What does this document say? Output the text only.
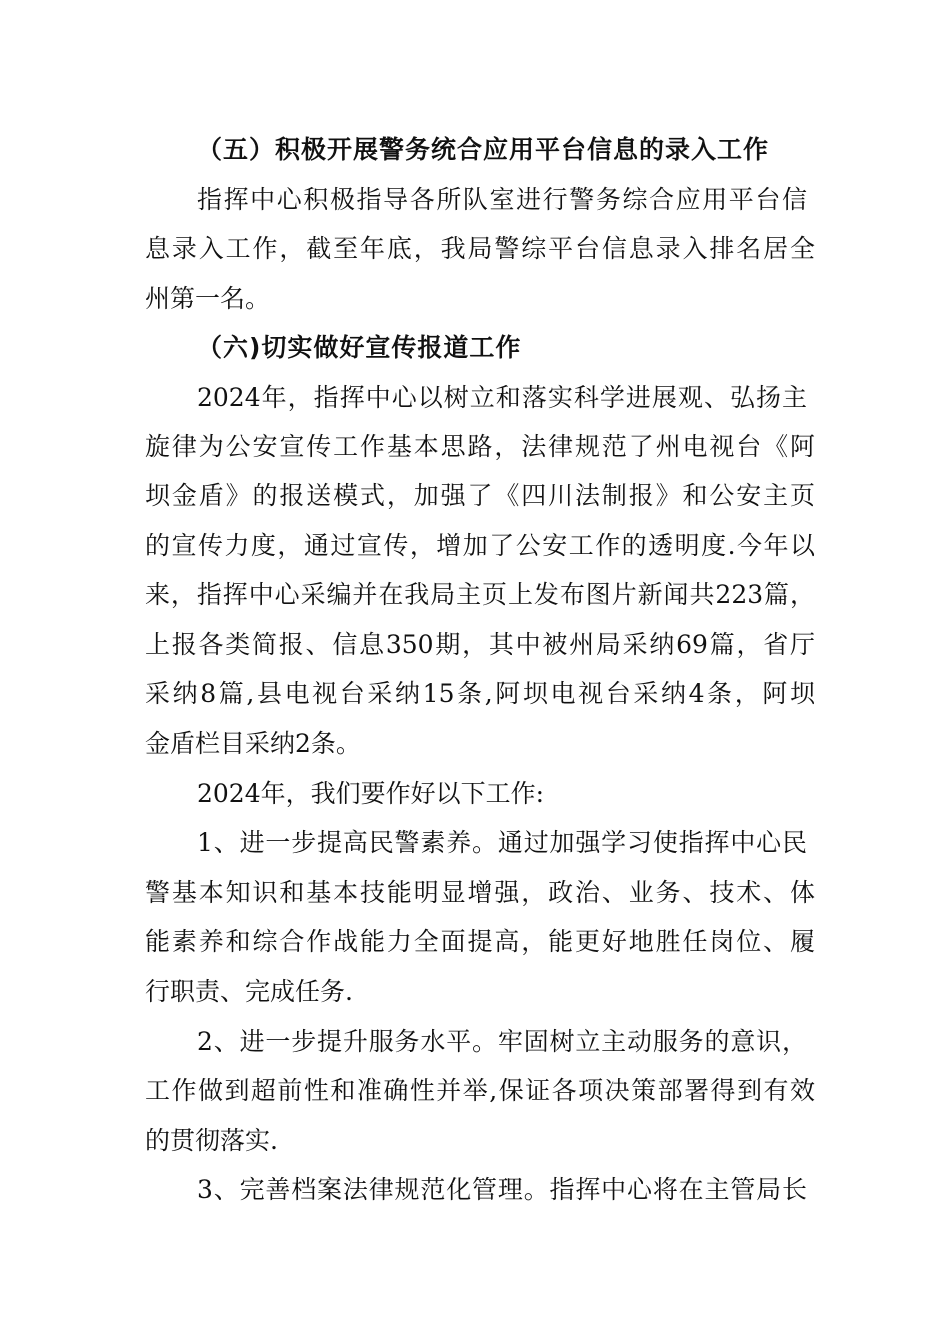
（五）积极开展警务统合应用平台信息的录入工作
指挥中心积极指导各所队室进行警务综合应用平台信
息录入工作，截至年底，我局警综平台信息录入排名居全
州第一名。
（六)切实做好宣传报道工作
2024年，指挥中心以树立和落实科学进展观、弘扬主
旋律为公安宣传工作基本思路，法律规范了州电视台《阿
坝金盾》的报送模式，加强了《四川法制报》和公安主页
的宣传力度，通过宣传，增加了公安工作的透明度.今年以
来，指挥中心采编并在我局主页上发布图片新闻共223篇，
上报各类简报、信息350期，其中被州局采纳69篇，省厅
采纳8篇,县电视台采纳15条,阿坝电视台采纳4条，阿坝
金盾栏目采纳2条。
2024年，我们要作好以下工作:
1、进一步提高民警素养。通过加强学习使指挥中心民
警基本知识和基本技能明显增强，政治、业务、技术、体
能素养和综合作战能力全面提高，能更好地胜任岗位、履
行职责、完成任务.
2、进一步提升服务水平。牢固树立主动服务的意识，
工作做到超前性和准确性并举,保证各项决策部署得到有效
的贯彻落实.
3、完善档案法律规范化管理。指挥中心将在主管局长
